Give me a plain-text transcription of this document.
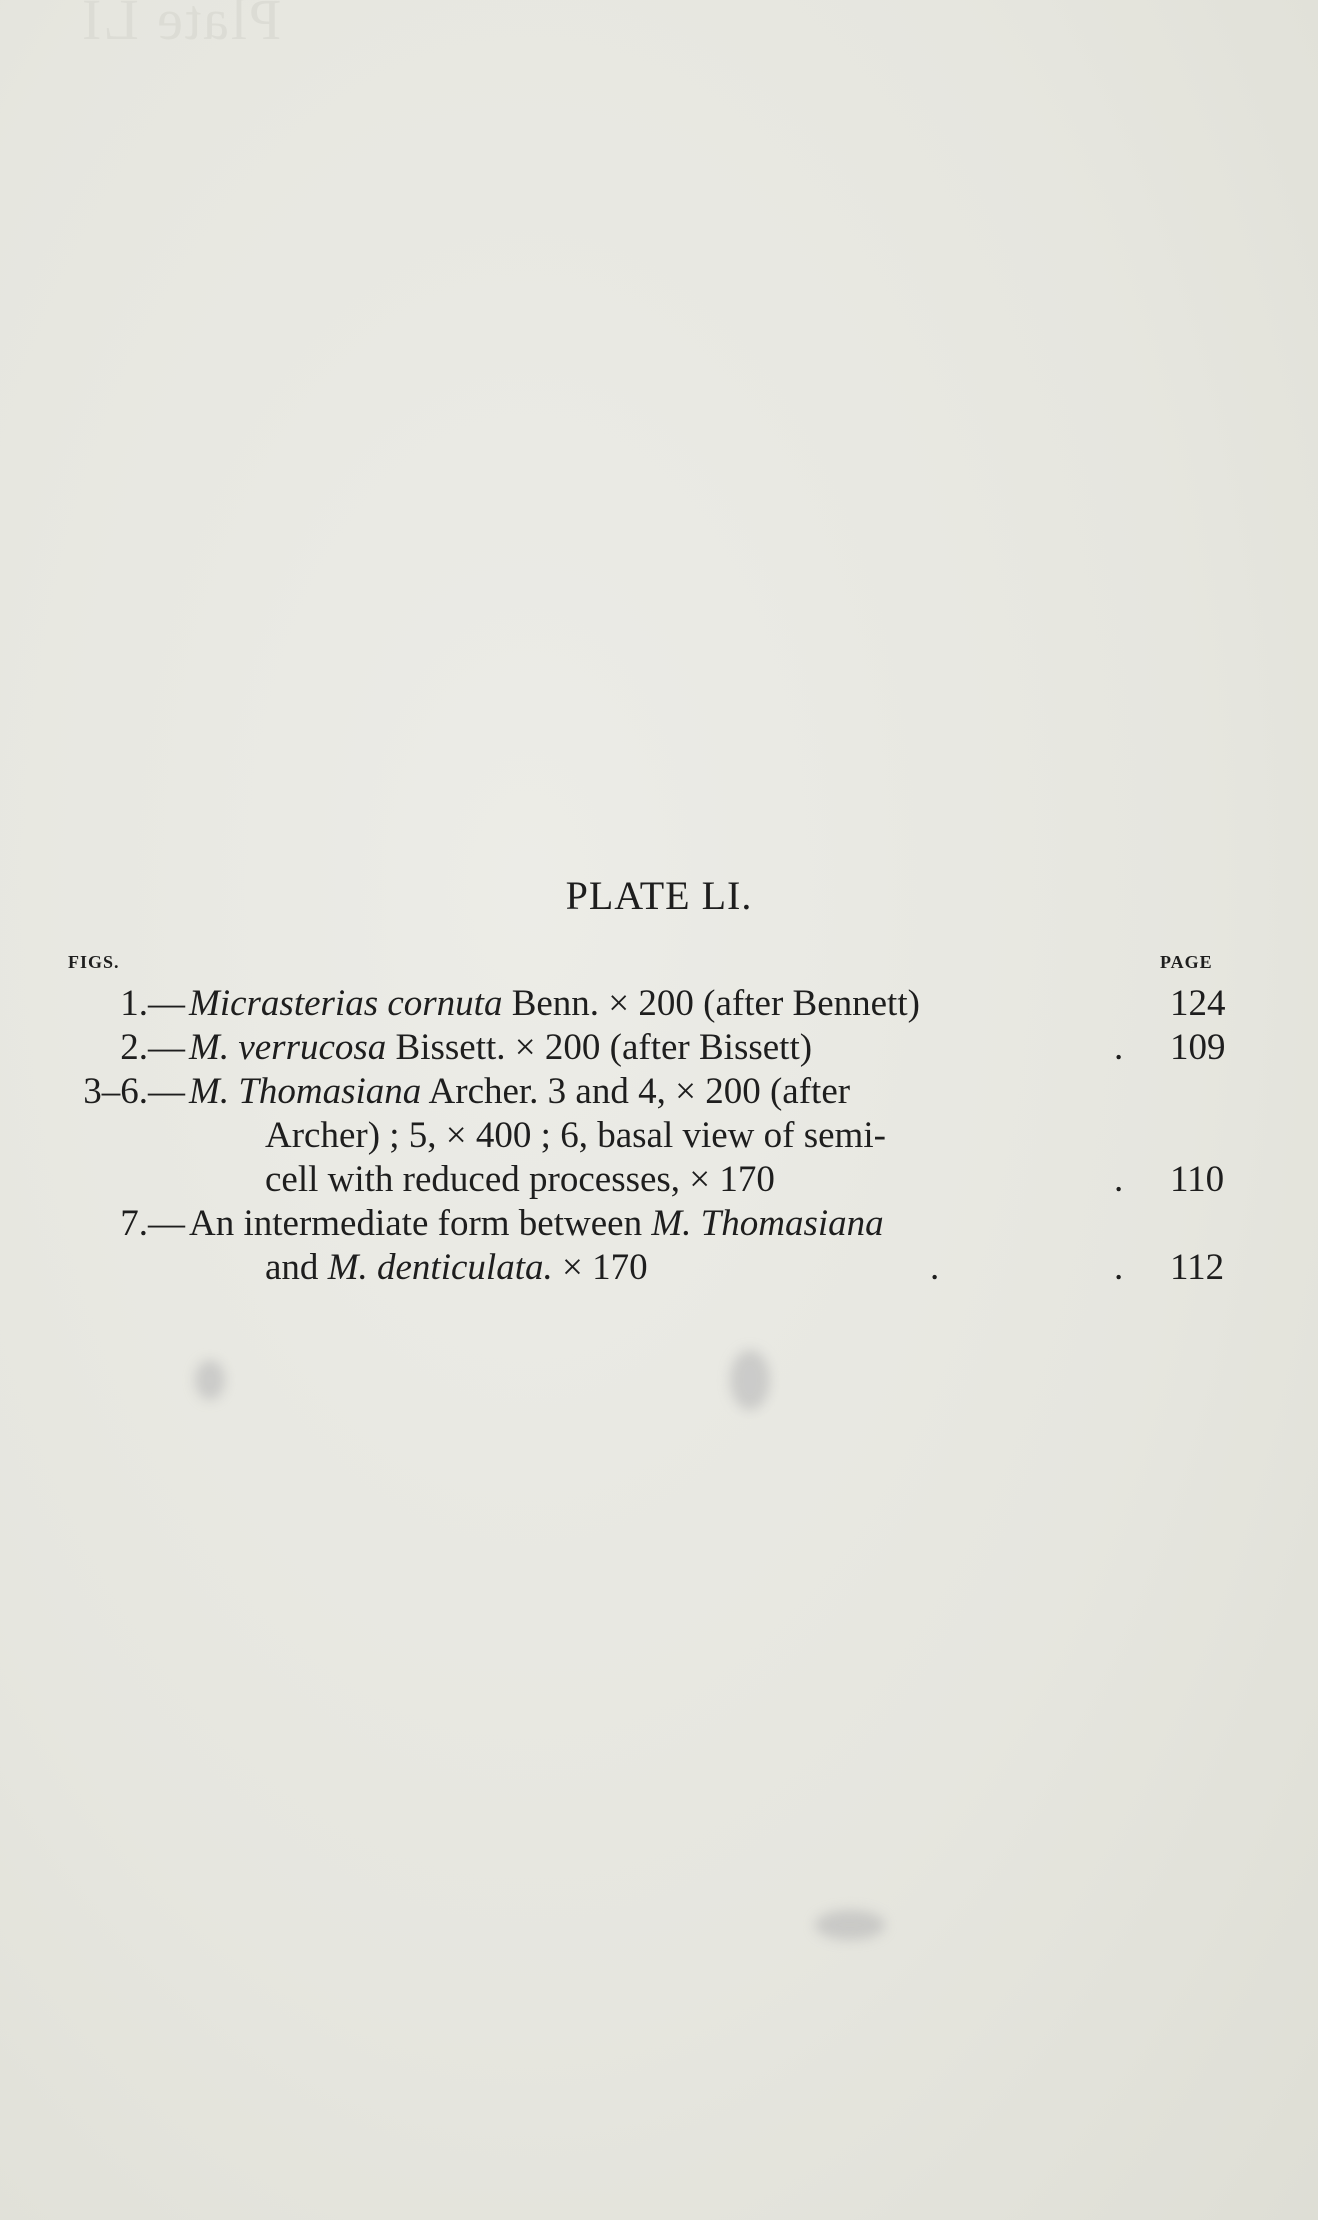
Plate LI
PLATE LI.
FIGS.	PAGE
1.— Micrasterias cornuta Benn. × 200 (after Bennett)	124
2.— M. verrucosa Bissett. × 200 (after Bissett)	. 109
3–6.— M. Thomasiana Archer. 3 and 4, × 200 (after
Archer) ; 5, × 400 ; 6, basal view of semi-
cell with reduced processes, × 170	. 110
7.— An intermediate form between M. Thomasiana
and M. denticulata. × 170	.	. 112
